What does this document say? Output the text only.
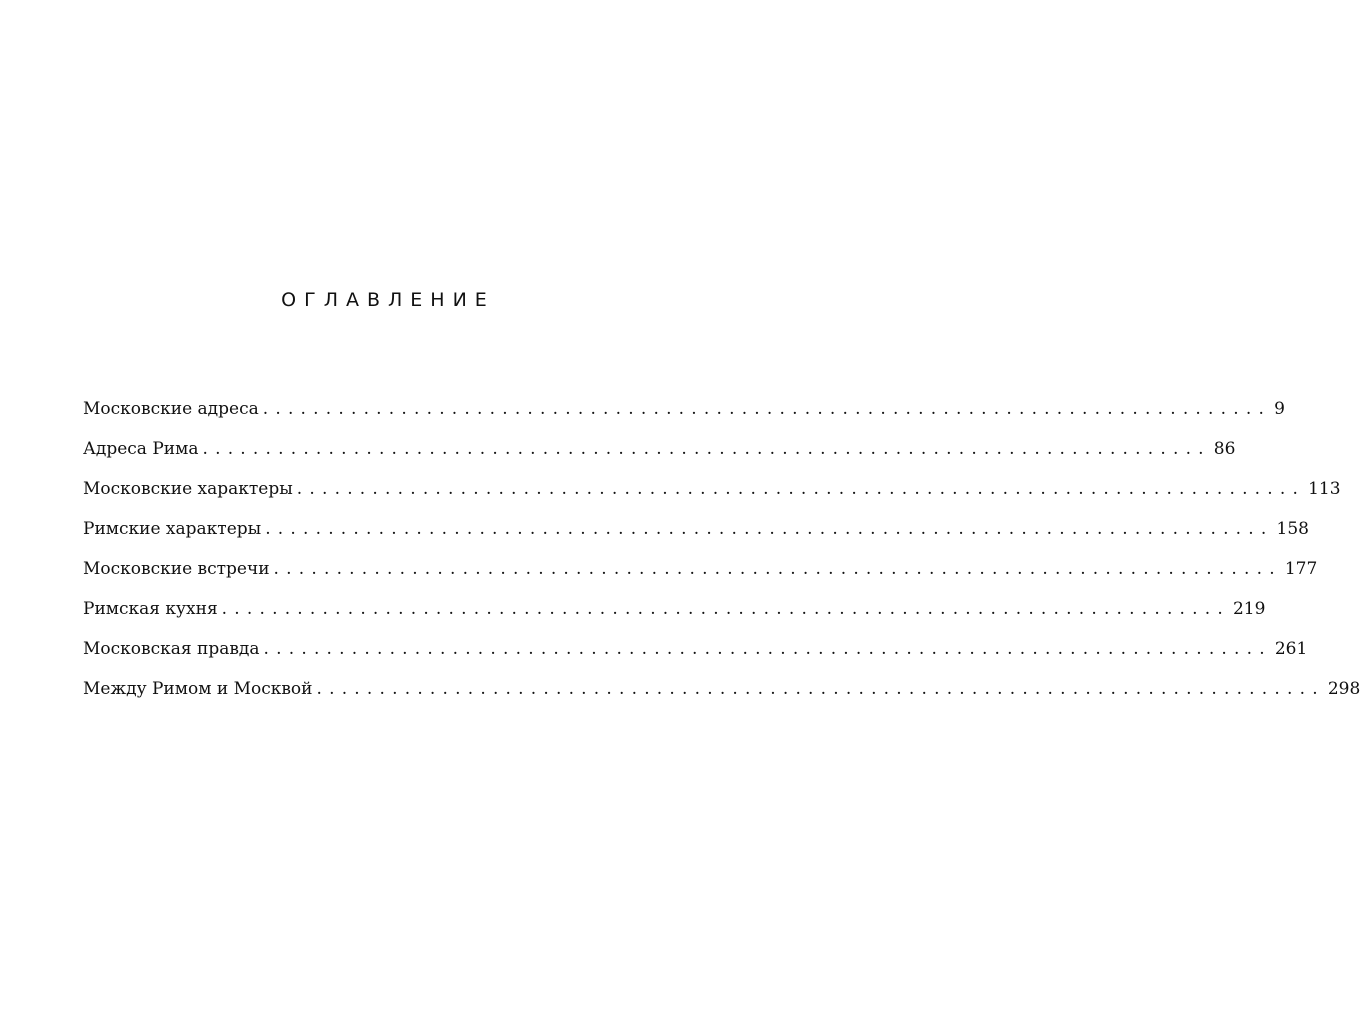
ОГЛАВЛЕНИЕ
Московские адреса ................................................................................ 9
Адреса Рима ................................................................................ 86
Московские характеры ................................................................................ 113
Римские характеры ................................................................................ 158
Московские встречи ................................................................................ 177
Римская кухня ................................................................................ 219
Московская правда ................................................................................ 261
Между Римом и Москвой ................................................................................ 298
